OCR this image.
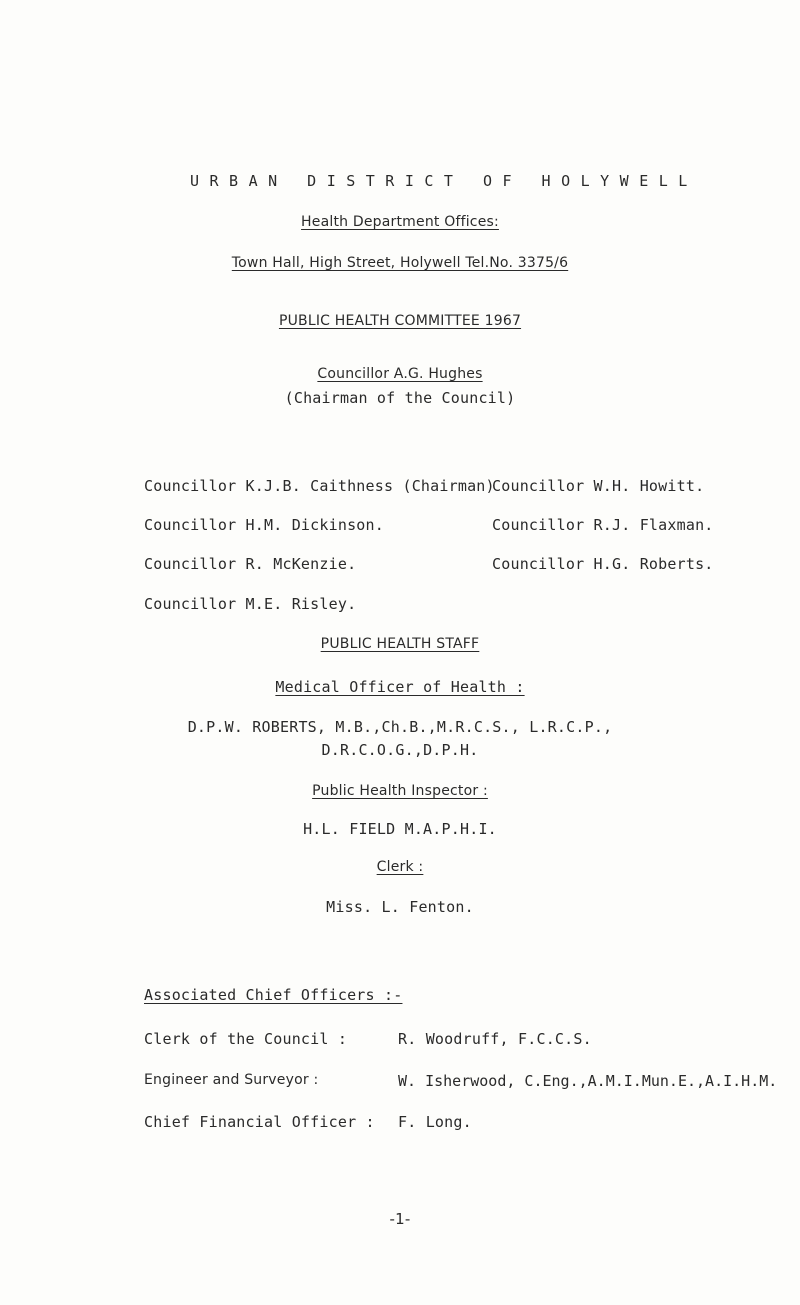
URBAN DISTRICT OF HOLYWELL
Health Department Offices:
Town Hall, High Street, Holywell Tel.No. 3375/6
PUBLIC HEALTH COMMITTEE 1967
Councillor A.G. Hughes
(Chairman of the Council)
Councillor K.J.B. Caithness (Chairman)
Councillor H.M. Dickinson.
Councillor R. McKenzie.
Councillor M.E. Risley.
Councillor W.H. Howitt.
Councillor R.J. Flaxman.
Councillor H.G. Roberts.
PUBLIC HEALTH STAFF
Medical Officer of Health :
D.P.W. ROBERTS, M.B.,Ch.B.,M.R.C.S., L.R.C.P.,
D.R.C.O.G.,D.P.H.
Public Health Inspector :
H.L. FIELD M.A.P.H.I.
Clerk :
Miss. L. Fenton.
Associated Chief Officers :-
Clerk of the Council :	R. Woodruff, F.C.C.S.
Engineer and Surveyor :	W. Isherwood, C.Eng.,A.M.I.Mun.E.,A.I.H.M.
Chief Financial Officer : F. Long.
-1-
